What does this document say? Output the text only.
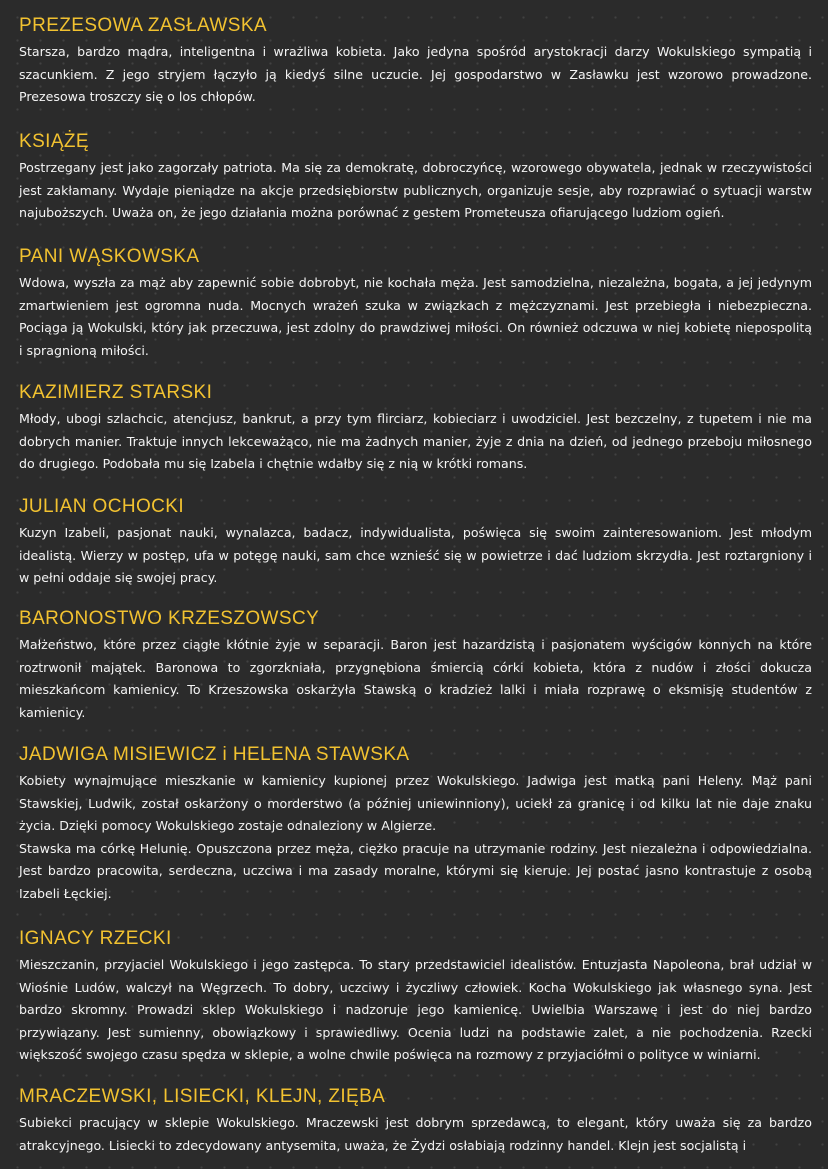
PREZESOWA ZASŁAWSKA

Starsza, bardzo mądra, inteligentna i wrażliwa kobieta. Jako jedyna spośród arystokracji darzy Wokulskiego sympatią i szacunkiem. Z jego stryjem łączyło ją kiedyś silne uczucie. Jej gospodarstwo w Zasławku jest wzorowo prowadzone. Prezesowa troszczy się o los chłopów.

KSIĄŻĘ

Postrzegany jest jako zagorzały patriota. Ma się za demokratę, dobroczyńcę, wzorowego obywatela, jednak w rzeczywistości jest zakłamany. Wydaje pieniądze na akcje przedsiębiorstw publicznych, organizuje sesje, aby rozprawiać o sytuacji warstw najuboższych. Uważa on, że jego działania można porównać z gestem Prometeusza ofiarującego ludziom ogień.

PANI WĄSKOWSKA

Wdowa, wyszła za mąż aby zapewnić sobie dobrobyt, nie kochała męża. Jest samodzielna, niezależna, bogata, a jej jedynym zmartwieniem jest ogromna nuda. Mocnych wrażeń szuka w związkach z mężczyznami. Jest przebiegła i niebezpieczna. Pociąga ją Wokulski, który jak przeczuwa, jest zdolny do prawdziwej miłości. On również odczuwa w niej kobietę niepospolitą i spragnioną miłości.

KAZIMIERZ STARSKI

Młody, ubogi szlachcic, atencjusz, bankrut, a przy tym flirciarz, kobieciarz i uwodziciel. Jest bezczelny, z tupetem i nie ma dobrych manier. Traktuje innych lekceważąco, nie ma żadnych manier, żyje z dnia na dzień, od jednego przeboju miłosnego do drugiego. Podobała mu się Izabela i chętnie wdałby się z nią w krótki romans.

JULIAN OCHOCKI

Kuzyn Izabeli, pasjonat nauki, wynalazca, badacz, indywidualista, poświęca się swoim zainteresowaniom. Jest młodym idealistą. Wierzy w postęp, ufa w potęgę nauki, sam chce wznieść się w powietrze i dać ludziom skrzydła. Jest roztargniony i w pełni oddaje się swojej pracy.

BARONOSTWO KRZESZOWSCY

Małżeństwo, które przez ciągłe kłótnie żyje w separacji. Baron jest hazardzistą i pasjonatem wyścigów konnych na które roztrwonił majątek. Baronowa to zgorzkniała, przygnębiona śmiercią córki kobieta, która z nudów i złości dokucza mieszkańcom kamienicy. To Krzeszowska oskarżyła Stawską o kradzież lalki i miała rozprawę o eksmisję studentów z kamienicy.

JADWIGA MISIEWICZ i HELENA STAWSKA

Kobiety wynajmujące mieszkanie w kamienicy kupionej przez Wokulskiego. Jadwiga jest matką pani Heleny. Mąż pani Stawskiej, Ludwik, został oskarżony o morderstwo (a później uniewinniony), uciekł za granicę i od kilku lat nie daje znaku życia. Dzięki pomocy Wokulskiego zostaje odnaleziony w Algierze.

Stawska ma córkę Helunię. Opuszczona przez męża, ciężko pracuje na utrzymanie rodziny. Jest niezależna i odpowiedzialna. Jest bardzo pracowita, serdeczna, uczciwa i ma zasady moralne, którymi się kieruje. Jej postać jasno kontrastuje z osobą Izabeli Łęckiej.

IGNACY RZECKI

Mieszczanin, przyjaciel Wokulskiego i jego zastępca. To stary przedstawiciel idealistów. Entuzjasta Napoleona, brał udział w Wiośnie Ludów, walczył na Węgrzech. To dobry, uczciwy i życzliwy człowiek. Kocha Wokulskiego jak własnego syna. Jest bardzo skromny. Prowadzi sklep Wokulskiego i nadzoruje jego kamienicę. Uwielbia Warszawę i jest do niej bardzo przywiązany. Jest sumienny, obowiązkowy i sprawiedliwy. Ocenia ludzi na podstawie zalet, a nie pochodzenia. Rzecki większość swojego czasu spędza w sklepie, a wolne chwile poświęca na rozmowy z przyjaciółmi o polityce w winiarni.

MRACZEWSKI, LISIECKI, KLEJN, ZIĘBA

Subiekci pracujący w sklepie Wokulskiego. Mraczewski jest dobrym sprzedawcą, to elegant, który uważa się za bardzo atrakcyjnego. Lisiecki to zdecydowany antysemita, uważa, że Żydzi osłabiają rodzinny handel. Klejn jest socjalistą i
